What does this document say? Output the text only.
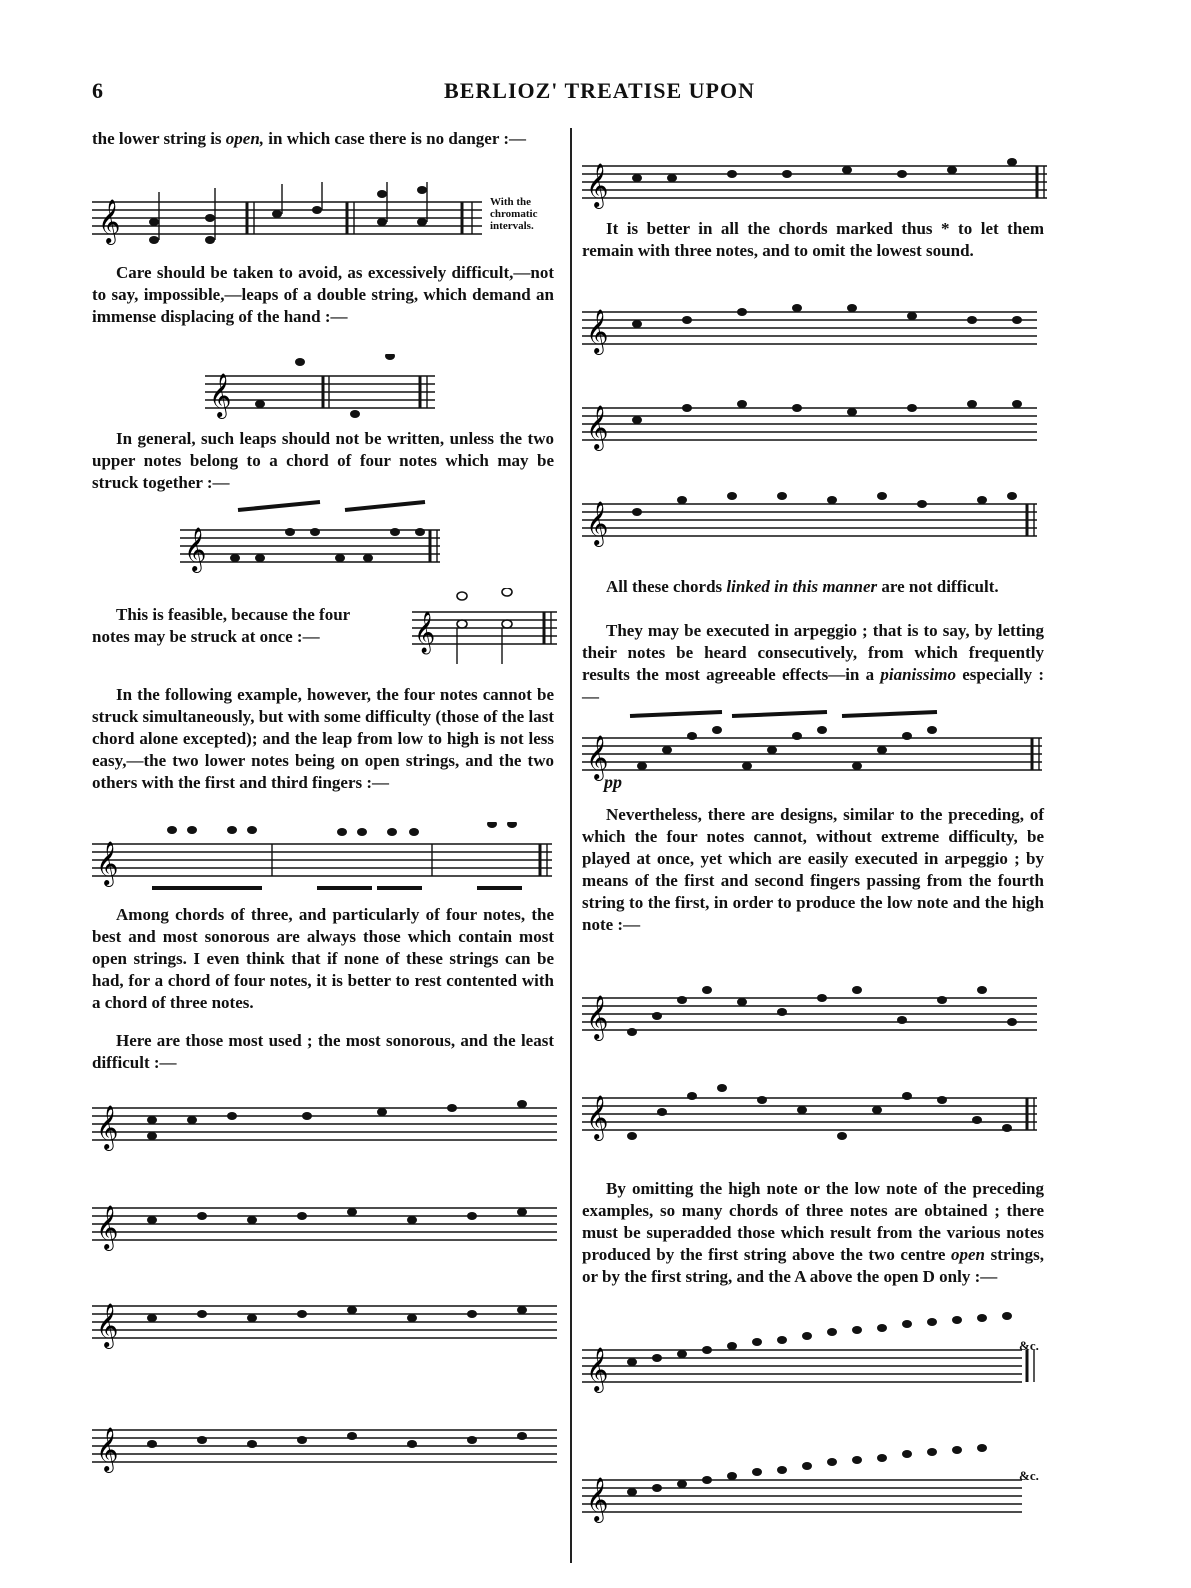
6	BERLIOZ' TREATISE UPON

the lower string is open, in which case there is no danger :—

𝄞	With the
chromatic
intervals.

Care should be taken to avoid, as excessively difficult,—not to say, impossible,—leaps of a double string, which demand an immense displacing of the hand :—

𝄞

In general, such leaps should not be written, unless the two upper notes belong to a chord of four notes which may be struck together :—

𝄞

This is feasible, because the four

notes may be struck at once :—	𝄞

In the following example, however, the four notes cannot be struck simultaneously, but with some difficulty (those of the last chord alone excepted); and the leap from low to high is not less easy,—the two lower notes being on open strings, and the two others with the first and third fingers :—

𝄞

Among chords of three, and particularly of four notes, the best and most sonorous are always those which contain most open strings. I even think that if none of these strings can be had, for a chord of four notes, it is better to rest contented with a chord of three notes.

Here are those most used ; the most sonorous, and the least difficult :—

𝄞
𝄞
𝄞
𝄞
𝄞

It is better in all the chords marked thus * to let them remain with three notes, and to omit the lowest sound.

𝄞
𝄞
𝄞

All these chords linked in this manner are not difficult.

They may be executed in arpeggio ; that is to say, by letting their notes be heard consecutively, from which frequently results the most agreeable effects—in a pianissimo especially :—

𝄞
pp

Nevertheless, there are designs, similar to the preceding, of which the four notes cannot, without extreme difficulty, be played at once, yet which are easily executed in arpeggio ; by means of the first and second fingers passing from the fourth string to the first, in order to produce the low note and the high note :—

𝄞
𝄞

By omitting the high note or the low note of the preceding examples, so many chords of three notes are obtained ; there must be superadded those which result from the various notes produced by the first string above the two centre open strings, or by the first string, and the A above the open D only :—

𝄞
𝄞
&c.
&c.
